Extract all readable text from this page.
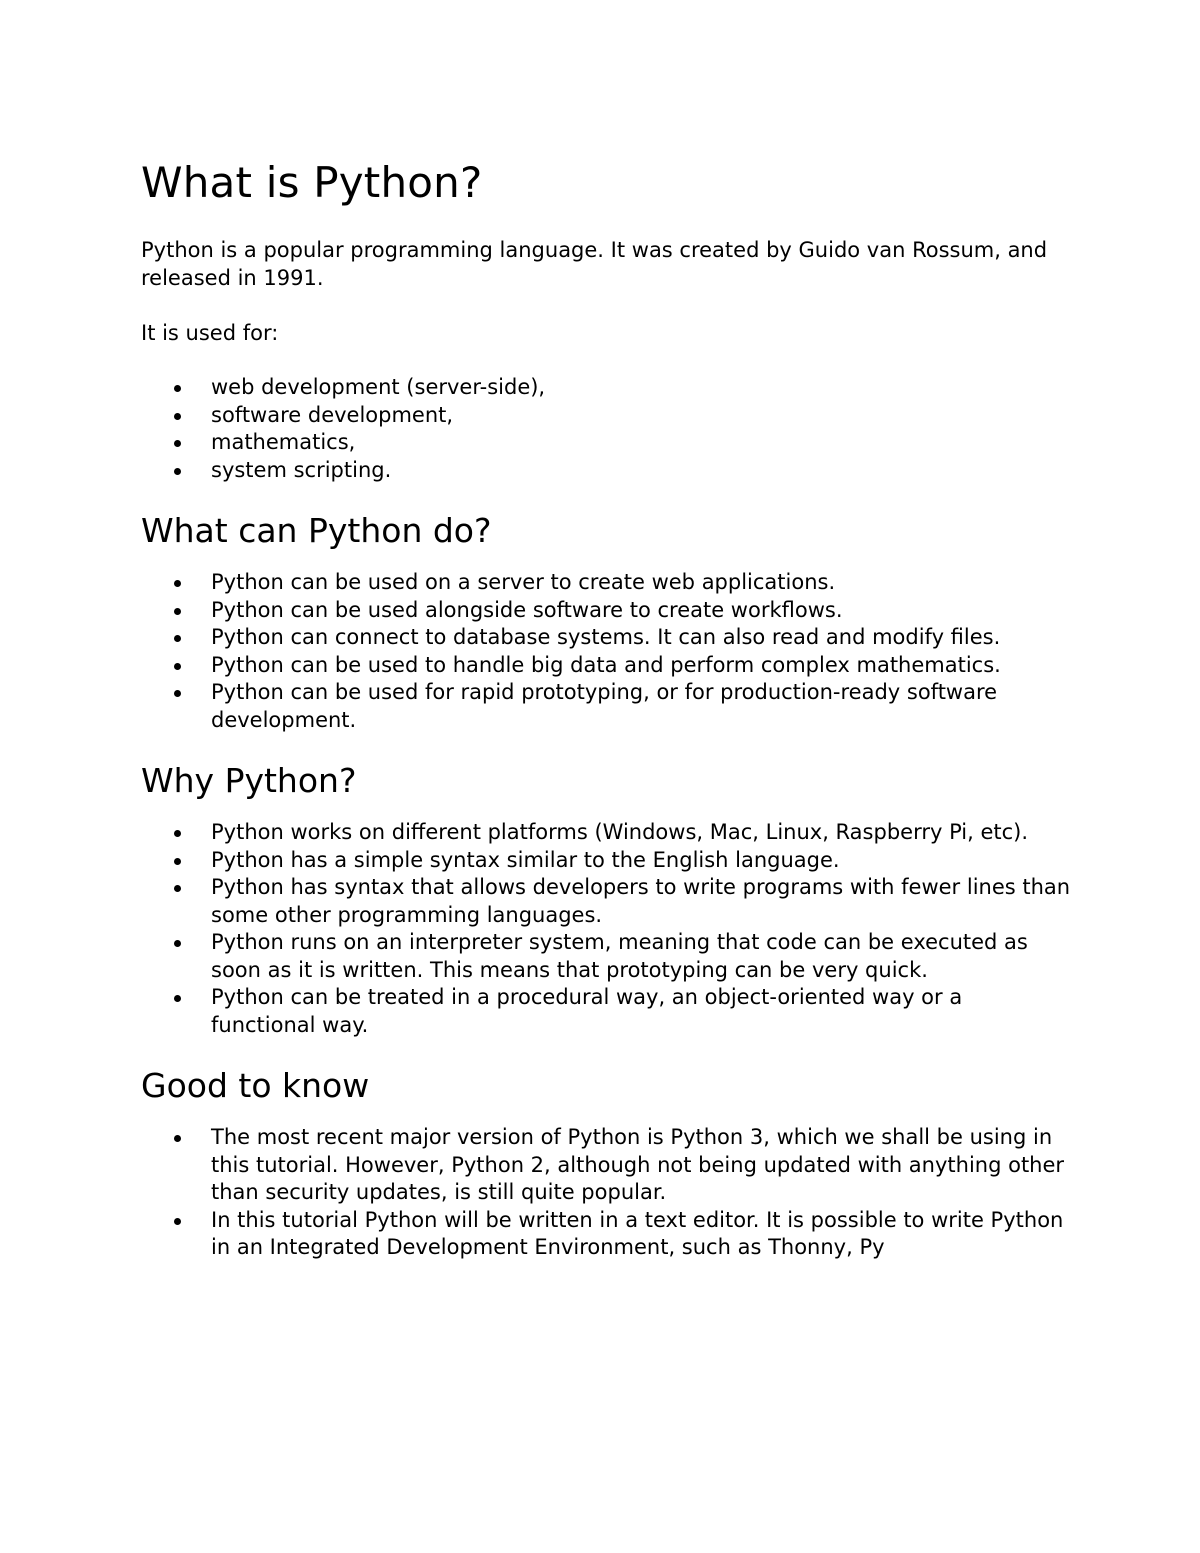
What is Python?

Python is a popular programming language. It was created by Guido van Rossum, and released in 1991.

It is used for:

web development (server-side),
software development,
mathematics,
system scripting.
What can Python do?
Python can be used on a server to create web applications.
Python can be used alongside software to create workflows.
Python can connect to database systems. It can also read and modify files.
Python can be used to handle big data and perform complex mathematics.
Python can be used for rapid prototyping, or for production-ready software development.
Why Python?
Python works on different platforms (Windows, Mac, Linux, Raspberry Pi, etc).
Python has a simple syntax similar to the English language.
Python has syntax that allows developers to write programs with fewer lines than some other programming languages.
Python runs on an interpreter system, meaning that code can be executed as soon as it is written. This means that prototyping can be very quick.
Python can be treated in a procedural way, an object-oriented way or a functional way.
Good to know
The most recent major version of Python is Python 3, which we shall be using in this tutorial. However, Python 2, although not being updated with anything other than security updates, is still quite popular.
In this tutorial Python will be written in a text editor. It is possible to write Python in an Integrated Development Environment, such as Thonny, Py
